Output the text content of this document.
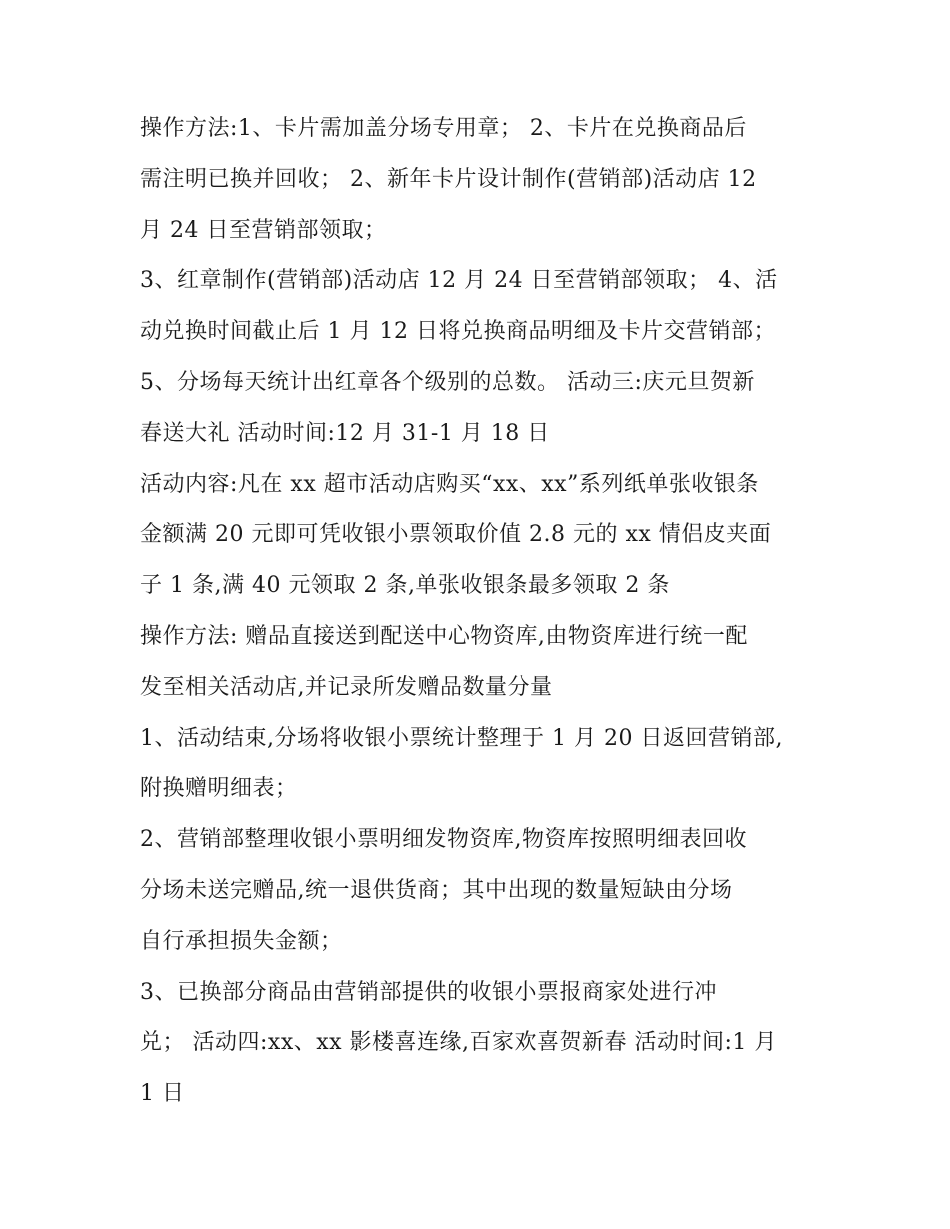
操作方法:1、卡片需加盖分场专用章； 2、卡片在兑换商品后
需注明已换并回收； 2、新年卡片设计制作(营销部)活动店 12
月 24 日至营销部领取；
3、红章制作(营销部)活动店 12 月 24 日至营销部领取； 4、活
动兑换时间截止后 1 月 12 日将兑换商品明细及卡片交营销部；
5、分场每天统计出红章各个级别的总数。 活动三:庆元旦贺新
春送大礼 活动时间:12 月 31-1 月 18 日
活动内容:凡在 xx 超市活动店购买“xx、xx”系列纸单张收银条
金额满 20 元即可凭收银小票领取价值 2.8 元的 xx 情侣皮夹面
子 1 条,满 40 元领取 2 条,单张收银条最多领取 2 条
操作方法: 赠品直接送到配送中心物资库,由物资库进行统一配
发至相关活动店,并记录所发赠品数量分量
1、活动结束,分场将收银小票统计整理于 1 月 20 日返回营销部,
附换赠明细表；
2、营销部整理收银小票明细发物资库,物资库按照明细表回收
分场未送完赠品,统一退供货商；其中出现的数量短缺由分场
自行承担损失金额；
3、已换部分商品由营销部提供的收银小票报商家处进行冲
兑； 活动四:xx、xx 影楼喜连缘,百家欢喜贺新春 活动时间:1 月
1 日
